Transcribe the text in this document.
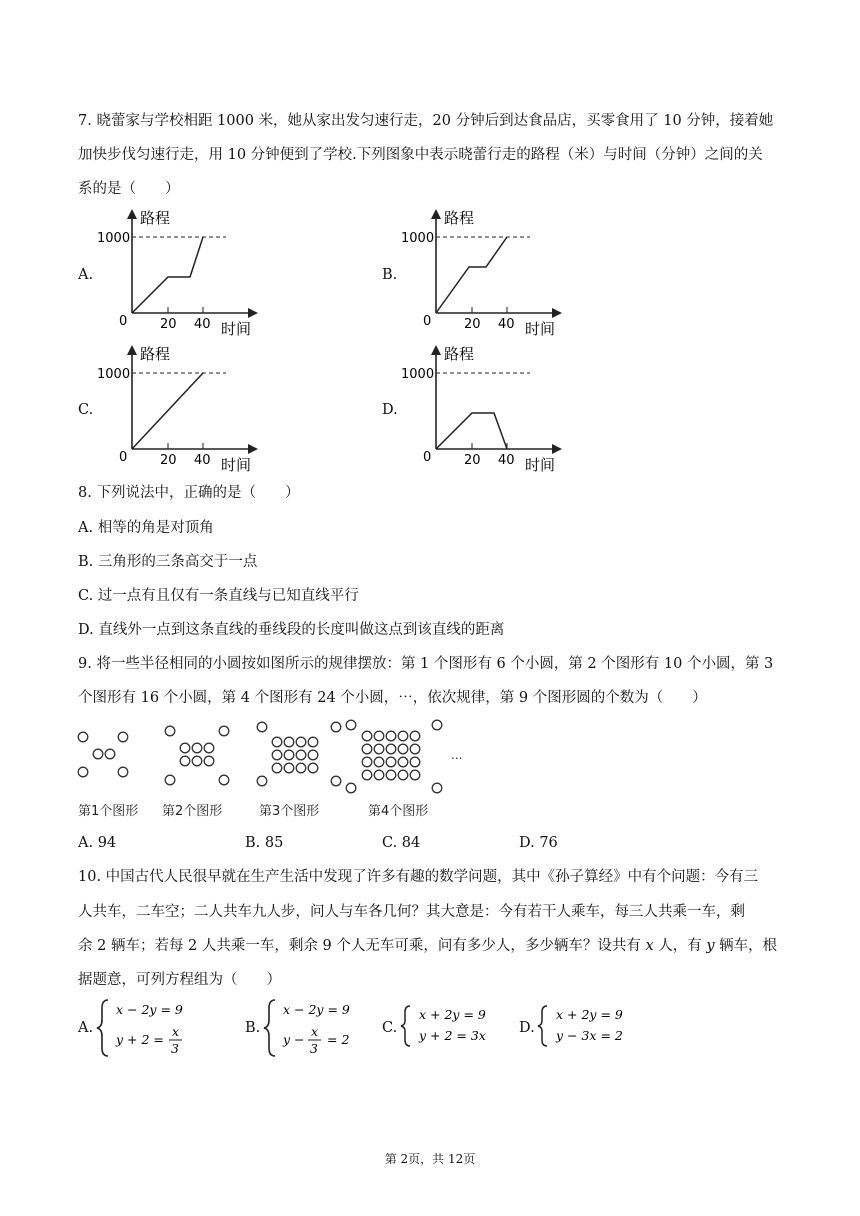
7. 晓蕾家与学校相距 1000 米，她从家出发匀速行走，20 分钟后到达食品店，买零食用了 10 分钟，接着她
加快步伐匀速行走，用 10 分钟便到了学校.下列图象中表示晓蕾行走的路程（米）与时间（分钟）之间的关
系的是（　　）
A.	B.
C.	D.
路程
1000
0	20 40 时间
路程
1000
0	20 40 时间
路程
1000
0	20 40 时间
路程
1000
0	20 40 时间
8. 下列说法中，正确的是（　　）
A. 相等的角是对顶角
B. 三角形的三条高交于一点
C. 过一点有且仅有一条直线与已知直线平行
D. 直线外一点到这条直线的垂线段的长度叫做这点到该直线的距离
9. 将一些半径相同的小圆按如图所示的规律摆放：第 1 个图形有 6 个小圆，第 2 个图形有 10 个小圆，第 3
个图形有 16 个小圆，第 4 个图形有 24 个小圆，⋯，依次规律，第 9 个图形圆的个数为（　　）
...
第1个图形 第2个图形	第3个图形	第4个图形
A. 94	B. 85	C. 84	D. 76
10. 中国古代人民很早就在生产生活中发现了许多有趣的数学问题，其中《孙子算经》中有个问题：今有三
人共车，二车空；二人共车九人步，问人与车各几何？其大意是：今有若干人乘车，每三人共乘一车，剩
余 2 辆车；若每 2 人共乘一车，剩余 9 个人无车可乘，问有多少人，多少辆车？设共有 x 人，有 y 辆车，根
据题意，可列方程组为（　　）
A.
x − 2y = 9
y + 2 =
x
3
B.
x − 2y = 9
y −
x
3
= 2
C.
x + 2y = 9
y + 2 = 3x D.
x + 2y = 9
y − 3x = 2
第 2页，共 12页
